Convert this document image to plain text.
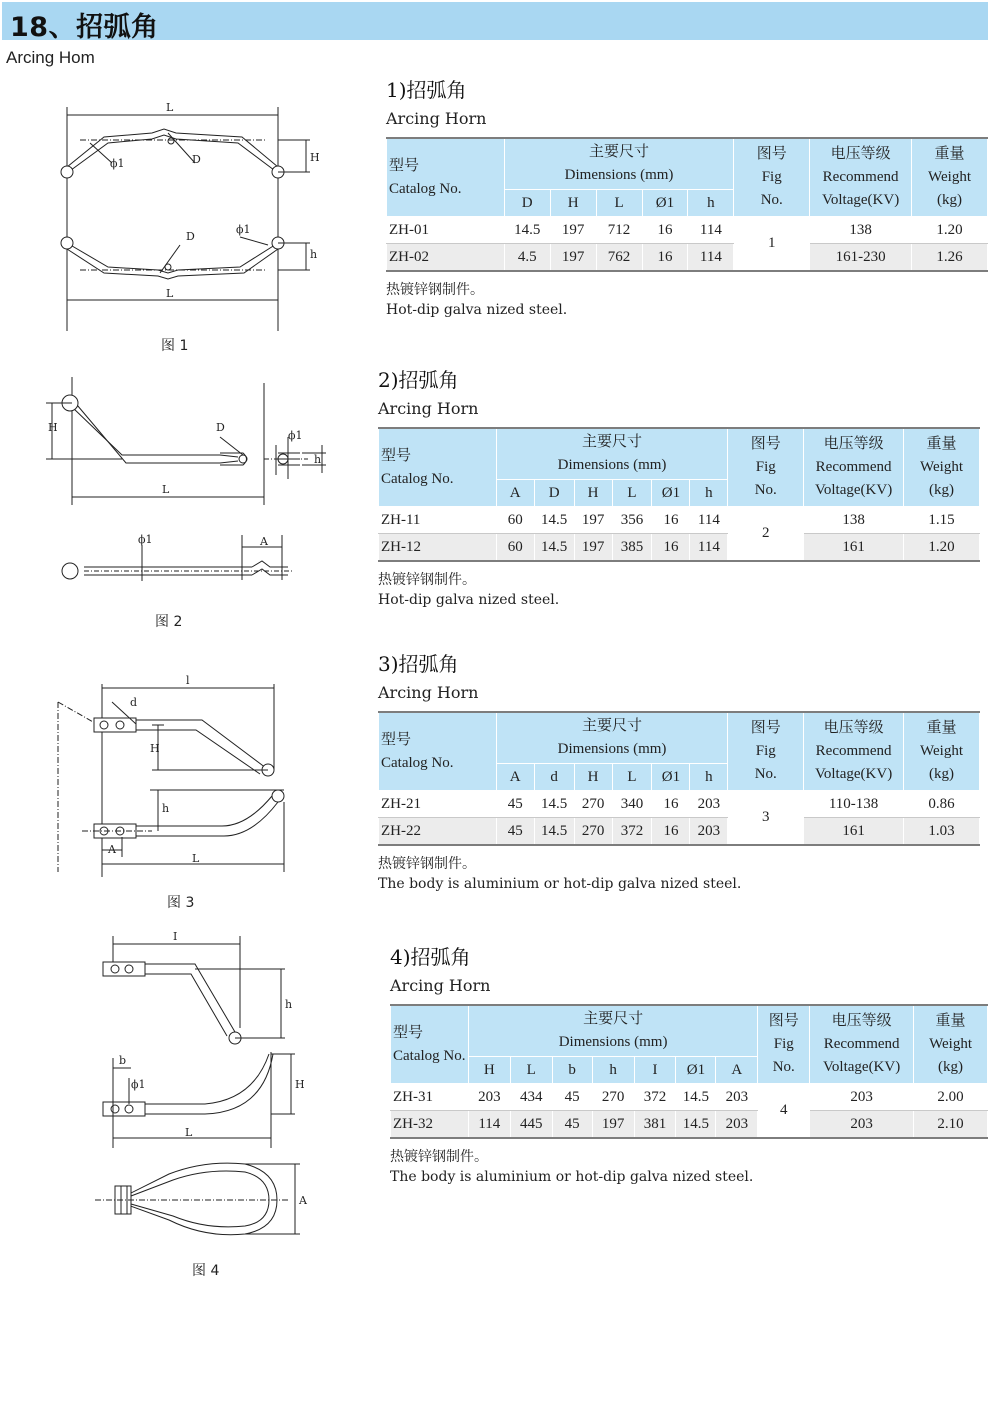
18、招弧角
Arcing Hom
L
D
ϕ1	H
D
ϕ1
h
L
图 1
H	D
ϕ1
h
L
ϕ1	A
图 2
l
d
H
h
A
L
图 3
I
h
b
ϕ1	H
L
A
图 4
1)招弧角
Arcing Horn
型号
Catalog No.	主要尺寸
Dimensions (mm)					图号
Fig
No.	电压等级
Recommend
Voltage(KV)	重量
Weight
(kg)
	D	H	L	Ø1	h			
ZH-01	14.5	197	712	16	114	1	138	1.20
ZH-02	4.5	197	762	16	114		161-230	1.26
热镀锌钢制件。
Hot-dip galva nized steel.
2)招弧角
Arcing Horn
型号
Catalog No.	主要尺寸
Dimensions (mm)						图号
Fig
No.	电压等级
Recommend
Voltage(KV)	重量
Weight
(kg)
	A	D	H	L	Ø1	h			
ZH-11	60	14.5	197	356	16	114	2	138	1.15
ZH-12	60	14.5	197	385	16	114		161	1.20
热镀锌钢制件。
Hot-dip galva nized steel.
3)招弧角
Arcing Horn
型号
Catalog No.	主要尺寸
Dimensions (mm)						图号
Fig
No.	电压等级
Recommend
Voltage(KV)	重量
Weight
(kg)
	A	d	H	L	Ø1	h			
ZH-21	45	14.5	270	340	16	203	3	110-138	0.86
ZH-22	45	14.5	270	372	16	203		161	1.03
热镀锌钢制件。
The body is aluminium or hot-dip galva nized steel.
4)招弧角
Arcing Horn
型号
Catalog No.	主要尺寸
Dimensions (mm)							图号
Fig
No.	电压等级
Recommend
Voltage(KV)	重量
Weight
(kg)
	H	L	b	h	I	Ø1	A			
ZH-31	203	434	45	270	372	14.5	203	4	203	2.00
ZH-32	114	445	45	197	381	14.5	203		203	2.10
热镀锌钢制件。
The body is aluminium or hot-dip galva nized steel.
